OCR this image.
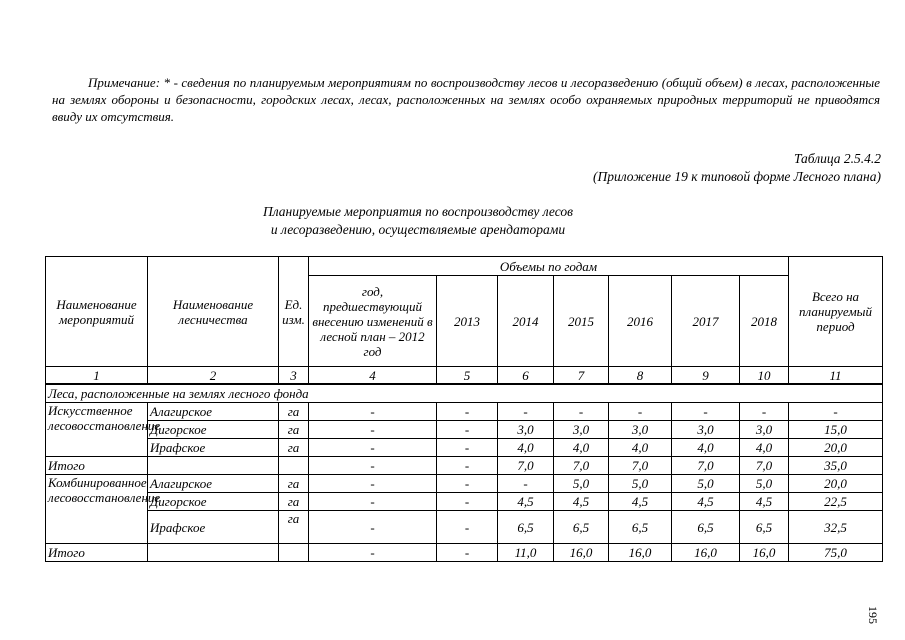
Примечание: * - сведения по планируемым мероприятиям по воспроизводству лесов и лесоразведению (общий объем) в лесах, расположенные на землях обороны и безопасности, городских лесах, лесах, расположенных на землях особо охраняемых природных территорий не приводятся ввиду их отсутствия.

Таблица 2.5.4.2
(Приложение 19 к типовой форме Лесного плана)
Планируемые мероприятия по воспроизводству лесов
и лесоразведению, осуществляемые арендаторами
Наименование мероприятий	Наименование лесничества	Ед. изм.	Объемы по годам							Всего на планируемый период
			год, предшествующий внесению изменений в лесной план – 2012 год	2013	2014	2015	2016	2017	2018	
1	2	3	4	5	6	7	8	9	10	11
Леса, расположенные на землях лесного фонда										
Искусственное лесовосстановление	Алагирское	га	-	-	-	-	-	-	-	-
	Дигорское	га	-	-	3,0	3,0	3,0	3,0	3,0	15,0
	Ирафское	га	-	-	4,0	4,0	4,0	4,0	4,0	20,0
Итого			-	-	7,0	7,0	7,0	7,0	7,0	35,0
Комбинированное лесовосстановление	Алагирское	га	-	-	-	5,0	5,0	5,0	5,0	20,0
	Дигорское	га	-	-	4,5	4,5	4,5	4,5	4,5	22,5
	Ирафское	га	-	-	6,5	6,5	6,5	6,5	6,5	32,5
Итого			-	-	11,0	16,0	16,0	16,0	16,0	75,0
195
